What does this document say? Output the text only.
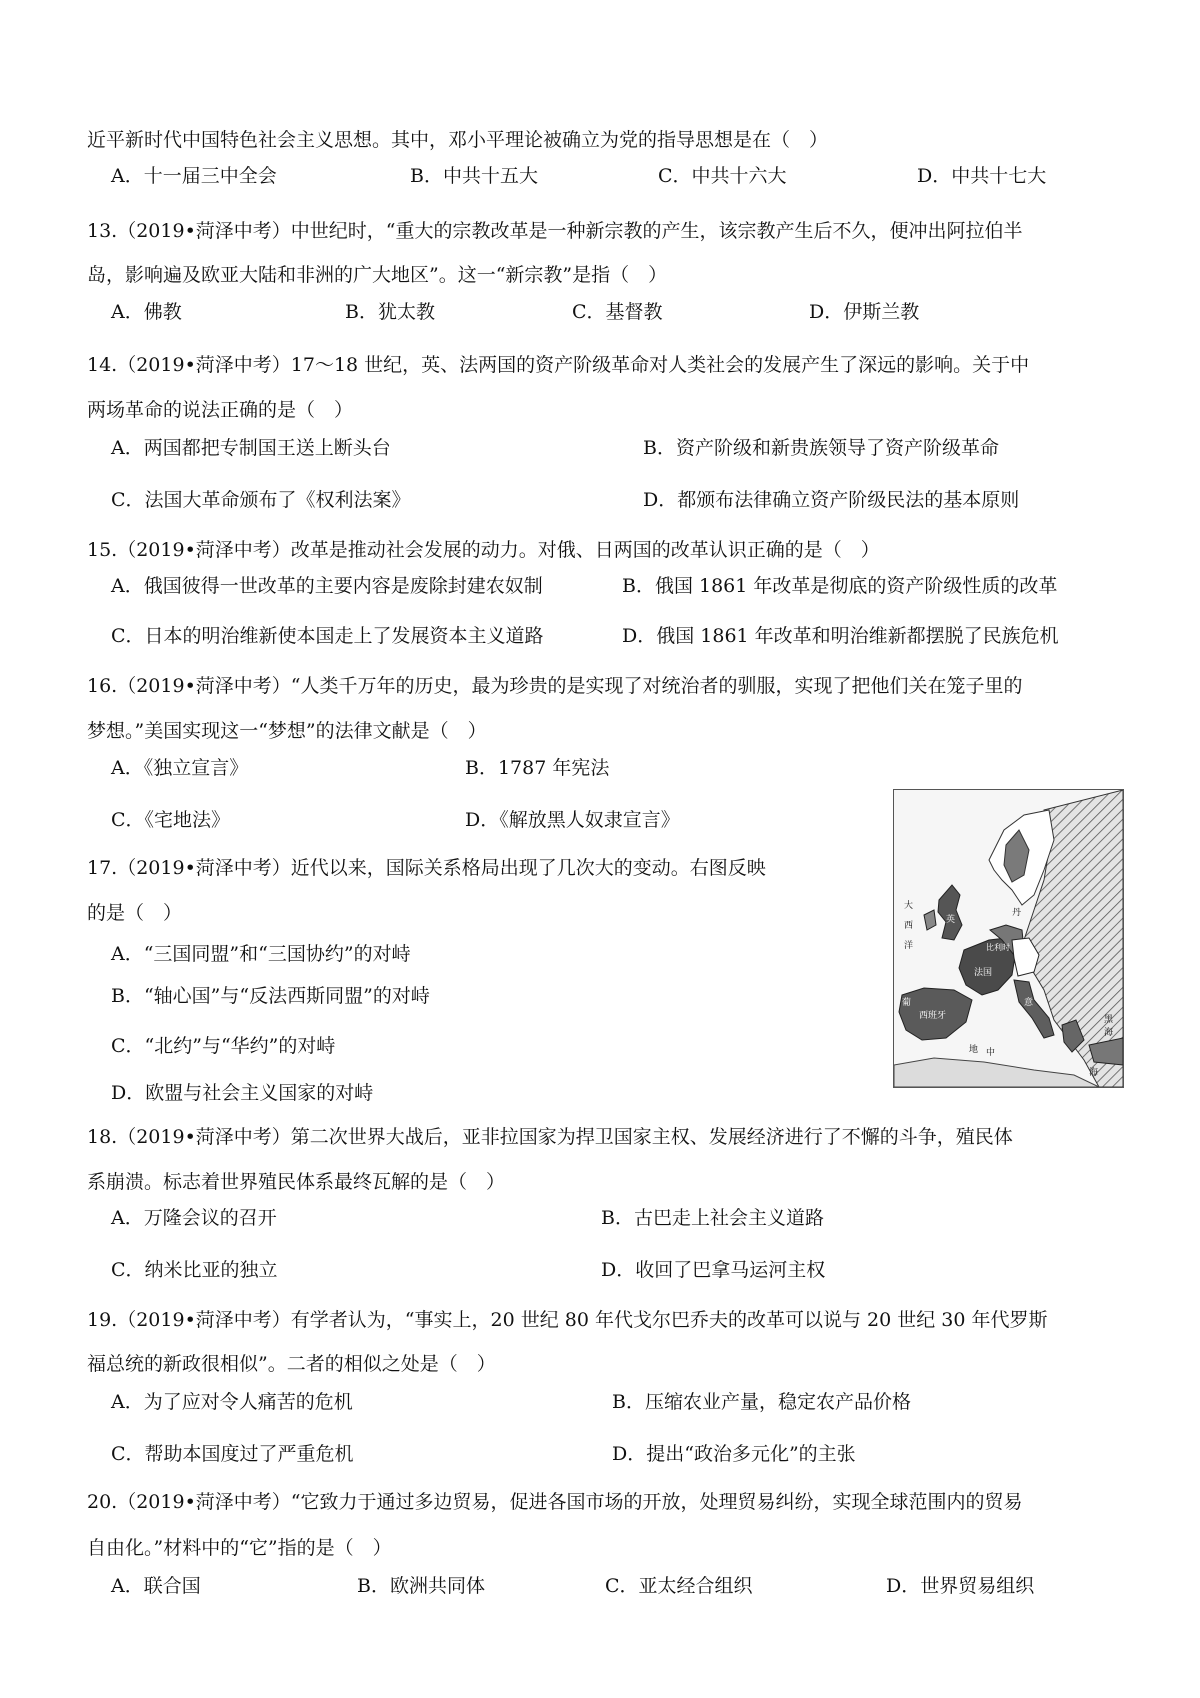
近平新时代中国特色社会主义思想。其中，邓小平理论被确立为党的指导思想是在（　）
A．十一届三中全会	B．中共十五大	C．中共十六大	D．中共十七大
13.（2019•菏泽中考）中世纪时，“重大的宗教改革是一种新宗教的产生，该宗教产生后不久，便冲出阿拉伯半
岛，影响遍及欧亚大陆和非洲的广大地区”。这一“新宗教”是指（　）
A．佛教	B．犹太教	C．基督教	D．伊斯兰教
14.（2019•菏泽中考）17～18 世纪，英、法两国的资产阶级革命对人类社会的发展产生了深远的影响。关于中
两场革命的说法正确的是（　）
A．两国都把专制国王送上断头台	B．资产阶级和新贵族领导了资产阶级革命
C．法国大革命颁布了《权利法案》	D．都颁布法律确立资产阶级民法的基本原则
15.（2019•菏泽中考）改革是推动社会发展的动力。对俄、日两国的改革认识正确的是（　）
A．俄国彼得一世改革的主要内容是废除封建农奴制	B．俄国 1861 年改革是彻底的资产阶级性质的改革
C．日本的明治维新使本国走上了发展资本主义道路	D．俄国 1861 年改革和明治维新都摆脱了民族危机
16.（2019•菏泽中考）“人类千万年的历史，最为珍贵的是实现了对统治者的驯服，实现了把他们关在笼子里的
梦想。”美国实现这一“梦想”的法律文献是（　）
A．《独立宣言》	B．1787 年宪法
C．《宅地法》	D．《解放黑人奴隶宣言》
17.（2019•菏泽中考）近代以来，国际关系格局出现了几次大的变动。右图反映
的是（　）
A．“三国同盟”和“三国协约”的对峙
B．“轴心国”与“反法西斯同盟”的对峙
C．“北约”与“华约”的对峙
D．欧盟与社会主义国家的对峙
大
西
洋
英
法国
西班牙
地 中
海
黑
海
比利时
丹
葡	意
18.（2019•菏泽中考）第二次世界大战后，亚非拉国家为捍卫国家主权、发展经济进行了不懈的斗争，殖民体
系崩溃。标志着世界殖民体系最终瓦解的是（　）
A．万隆会议的召开	B．古巴走上社会主义道路
C．纳米比亚的独立	D．收回了巴拿马运河主权
19.（2019•菏泽中考）有学者认为，“事实上，20 世纪 80 年代戈尔巴乔夫的改革可以说与 20 世纪 30 年代罗斯
福总统的新政很相似”。二者的相似之处是（　）
A．为了应对令人痛苦的危机	B．压缩农业产量，稳定农产品价格
C．帮助本国度过了严重危机	D．提出“政治多元化”的主张
20.（2019•菏泽中考）“它致力于通过多边贸易，促进各国市场的开放，处理贸易纠纷，实现全球范围内的贸易
自由化。”材料中的“它”指的是（　）
A．联合国	B．欧洲共同体	C．亚太经合组织	D．世界贸易组织
